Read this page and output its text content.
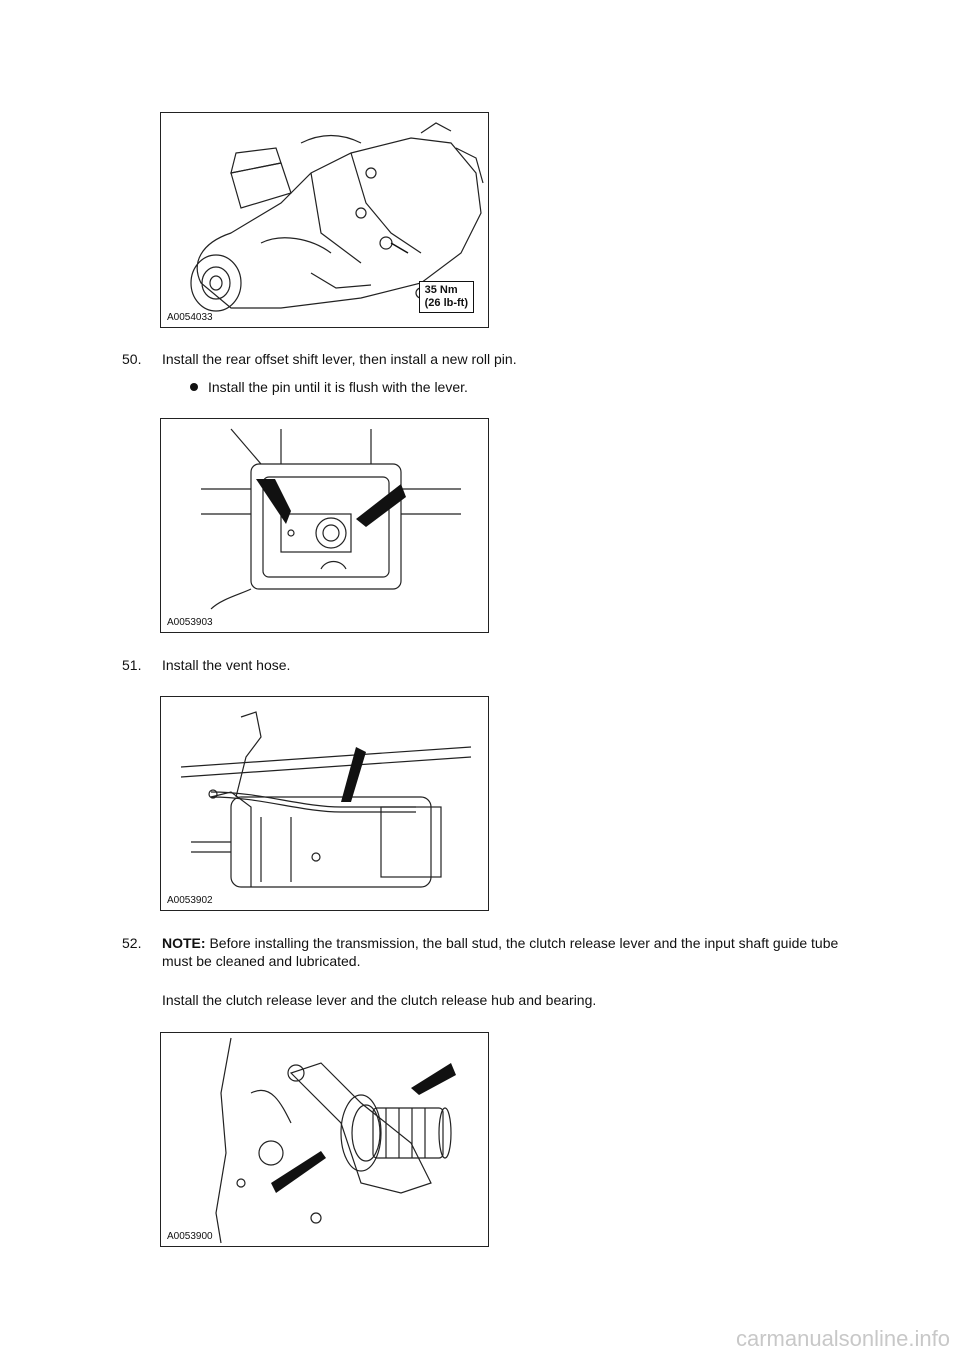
A0054033
35 Nm
(26 lb-ft)
50. Install the rear offset shift lever, then install a new roll pin.
Install the pin until it is flush with the lever.
A0053903
51. Install the vent hose.
A0053902
52. NOTE: Before installing the transmission, the ball stud, the clutch release lever and the input shaft guide tube must be cleaned and lubricated.
Install the clutch release lever and the clutch release hub and bearing.
A0053900
carmanualsonline.info
